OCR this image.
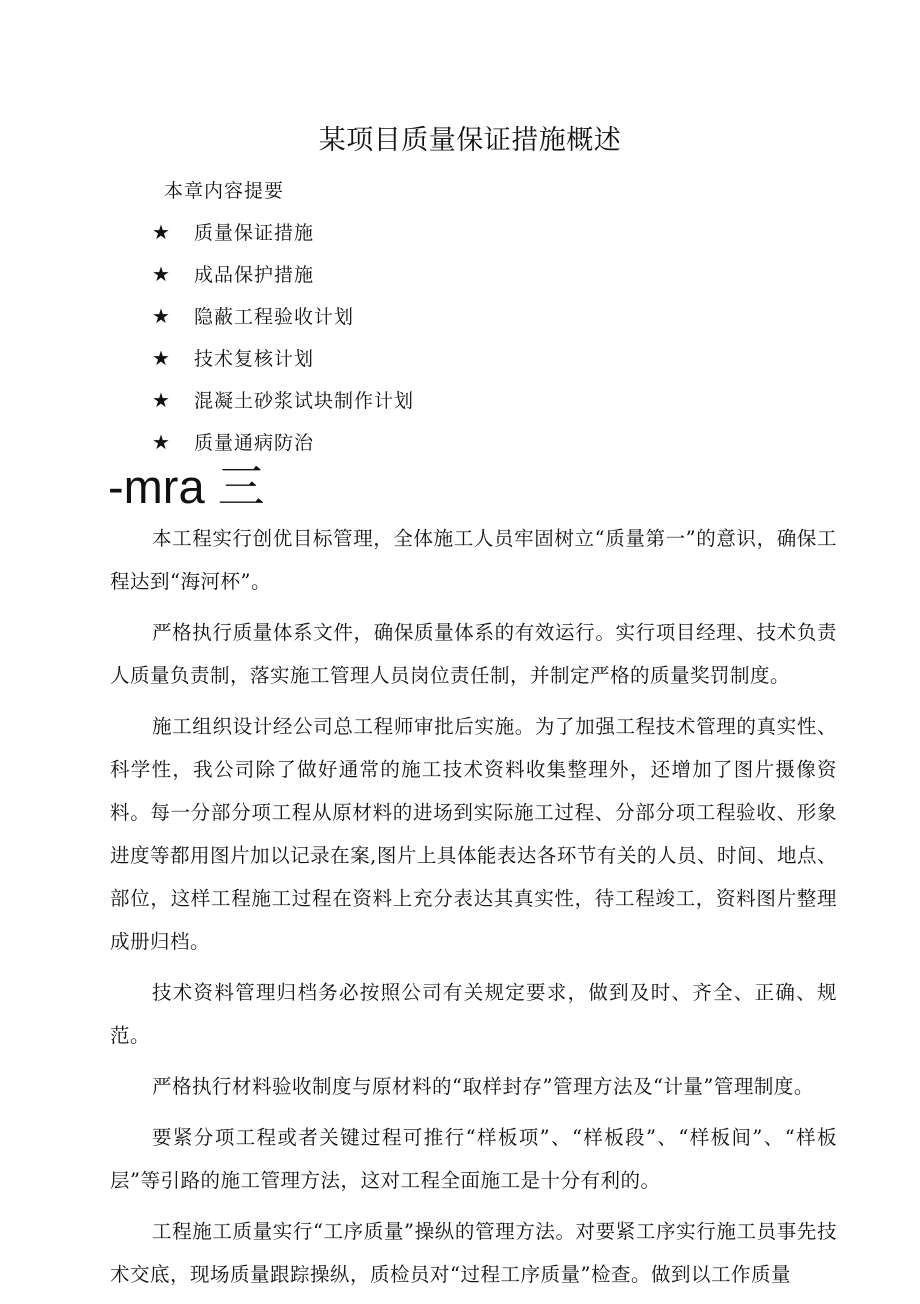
某项目质量保证措施概述
本章内容提要
★ 质量保证措施
★ 成品保护措施
★ 隐蔽工程验收计划
★ 技术复核计划
★ 混凝土砂浆试块制作计划
★ 质量通病防治
-mra 三

本工程实行创优目标管理，全体施工人员牢固树立“质量第一”的意识，确保工程达到“海河杯”。

严格执行质量体系文件，确保质量体系的有效运行。实行项目经理、技术负责人质量负责制，落实施工管理人员岗位责任制，并制定严格的质量奖罚制度。

施工组织设计经公司总工程师审批后实施。为了加强工程技术管理的真实性、科学性，我公司除了做好通常的施工技术资料收集整理外，还增加了图片摄像资料。每一分部分项工程从原材料的进场到实际施工过程、分部分项工程验收、形象进度等都用图片加以记录在案,图片上具体能表达各环节有关的人员、时间、地点、部位，这样工程施工过程在资料上充分表达其真实性，待工程竣工，资料图片整理成册归档。

技术资料管理归档务必按照公司有关规定要求，做到及时、齐全、正确、规范。

严格执行材料验收制度与原材料的“取样封存”管理方法及“计量”管理制度。

要紧分项工程或者关键过程可推行“样板项”、“样板段”、“样板间”、“样板层”等引路的施工管理方法，这对工程全面施工是十分有利的。

工程施工质量实行“工序质量”操纵的管理方法。对要紧工序实行施工员事先技术交底，现场质量跟踪操纵，质检员对“过程工序质量”检查。做到以工作质量
